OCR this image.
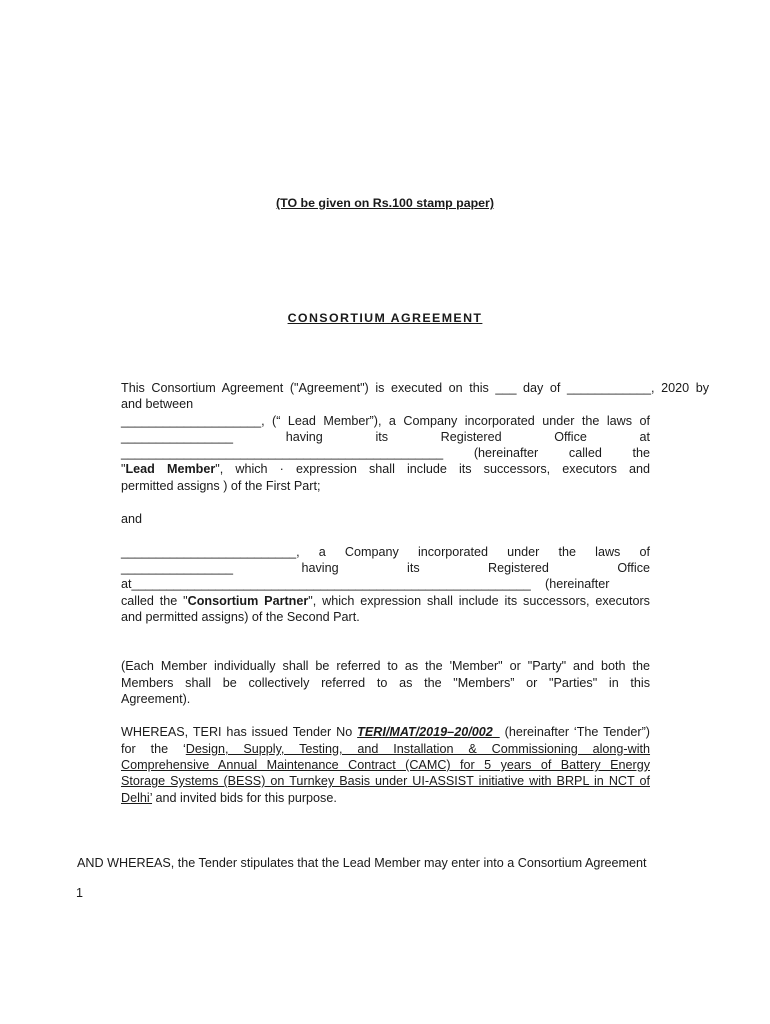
(TO be given on Rs.100 stamp paper)
CONSORTIUM AGREEMENT
This Consortium Agreement ("Agreement") is executed on this ___ day of ____________, 2020 by
and between
____________________, (“ Lead Member”), a Company incorporated under the laws of
________________	having	its	Registered	Office	at
______________________________________________ (hereinafter called the
"Lead Member", which · expression shall include its successors, executors and
permitted assigns ) of the First Part;
and
_________________________, a Company incorporated under the laws of
________________	having	its	Registered	Office
at_________________________________________________________ (hereinafter
called the "Consortium Partner", which expression shall include its successors, executors
and permitted assigns) of the Second Part.
(Each Member individually shall be referred to as the 'Member" or "Party" and both the
Members shall be collectively referred to as the "Members” or "Parties" in this
Agreement).
WHEREAS, TERI has issued Tender No TERI/MAT/2019–20/002_ (hereinafter ‘The Tender”)
for the ‘Design, Supply, Testing, and Installation & Commissioning along-with
Comprehensive Annual Maintenance Contract (CAMC) for 5 years of Battery Energy
Storage Systems (BESS) on Turnkey Basis under UI-ASSIST initiative with BRPL in NCT of
Delhi’ and invited bids for this purpose.
AND WHEREAS, the Tender stipulates that the Lead Member may enter into a Consortium Agreement
1
